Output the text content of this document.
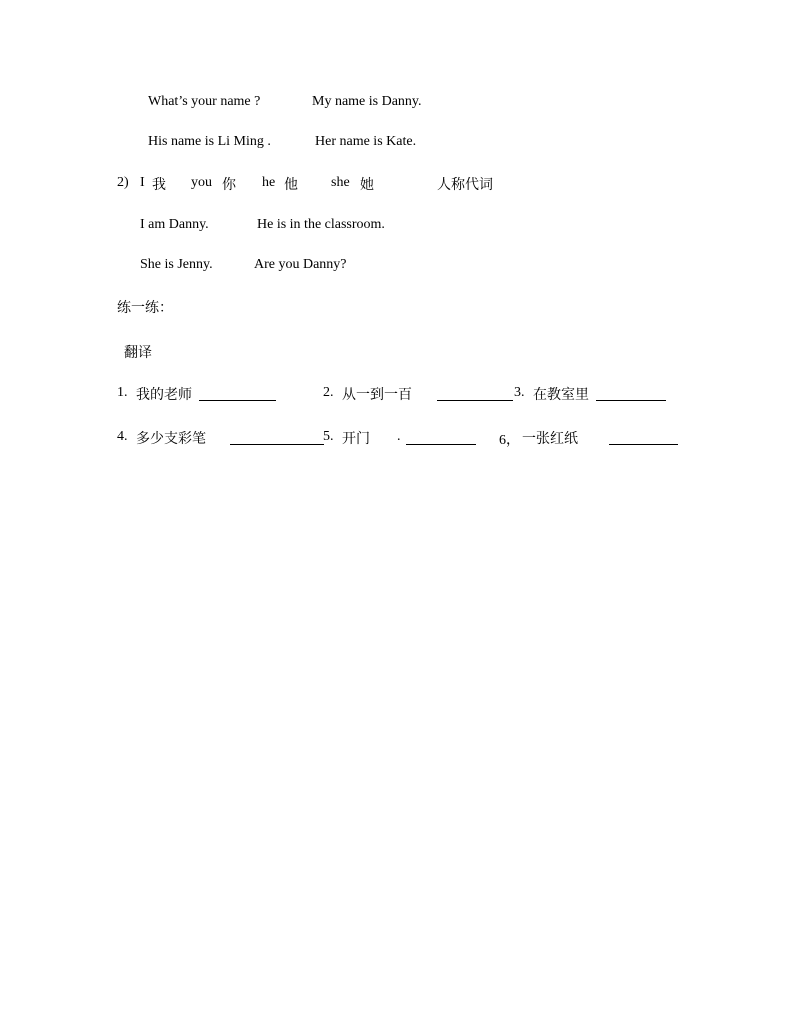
What’s your name ?	My name is Danny.
His name is Li Ming .	Her name is Kate.
2) I 我 you 你 he 他 she 她	人称代词
I am Danny.	He is in the classroom.
She is Jenny.	Are you Danny?
练一练：
翻译
1. 我的老师	2. 从一到一百	3. 在教室里
4. 多少支彩笔	5. 开门 .	6， 一张红纸
